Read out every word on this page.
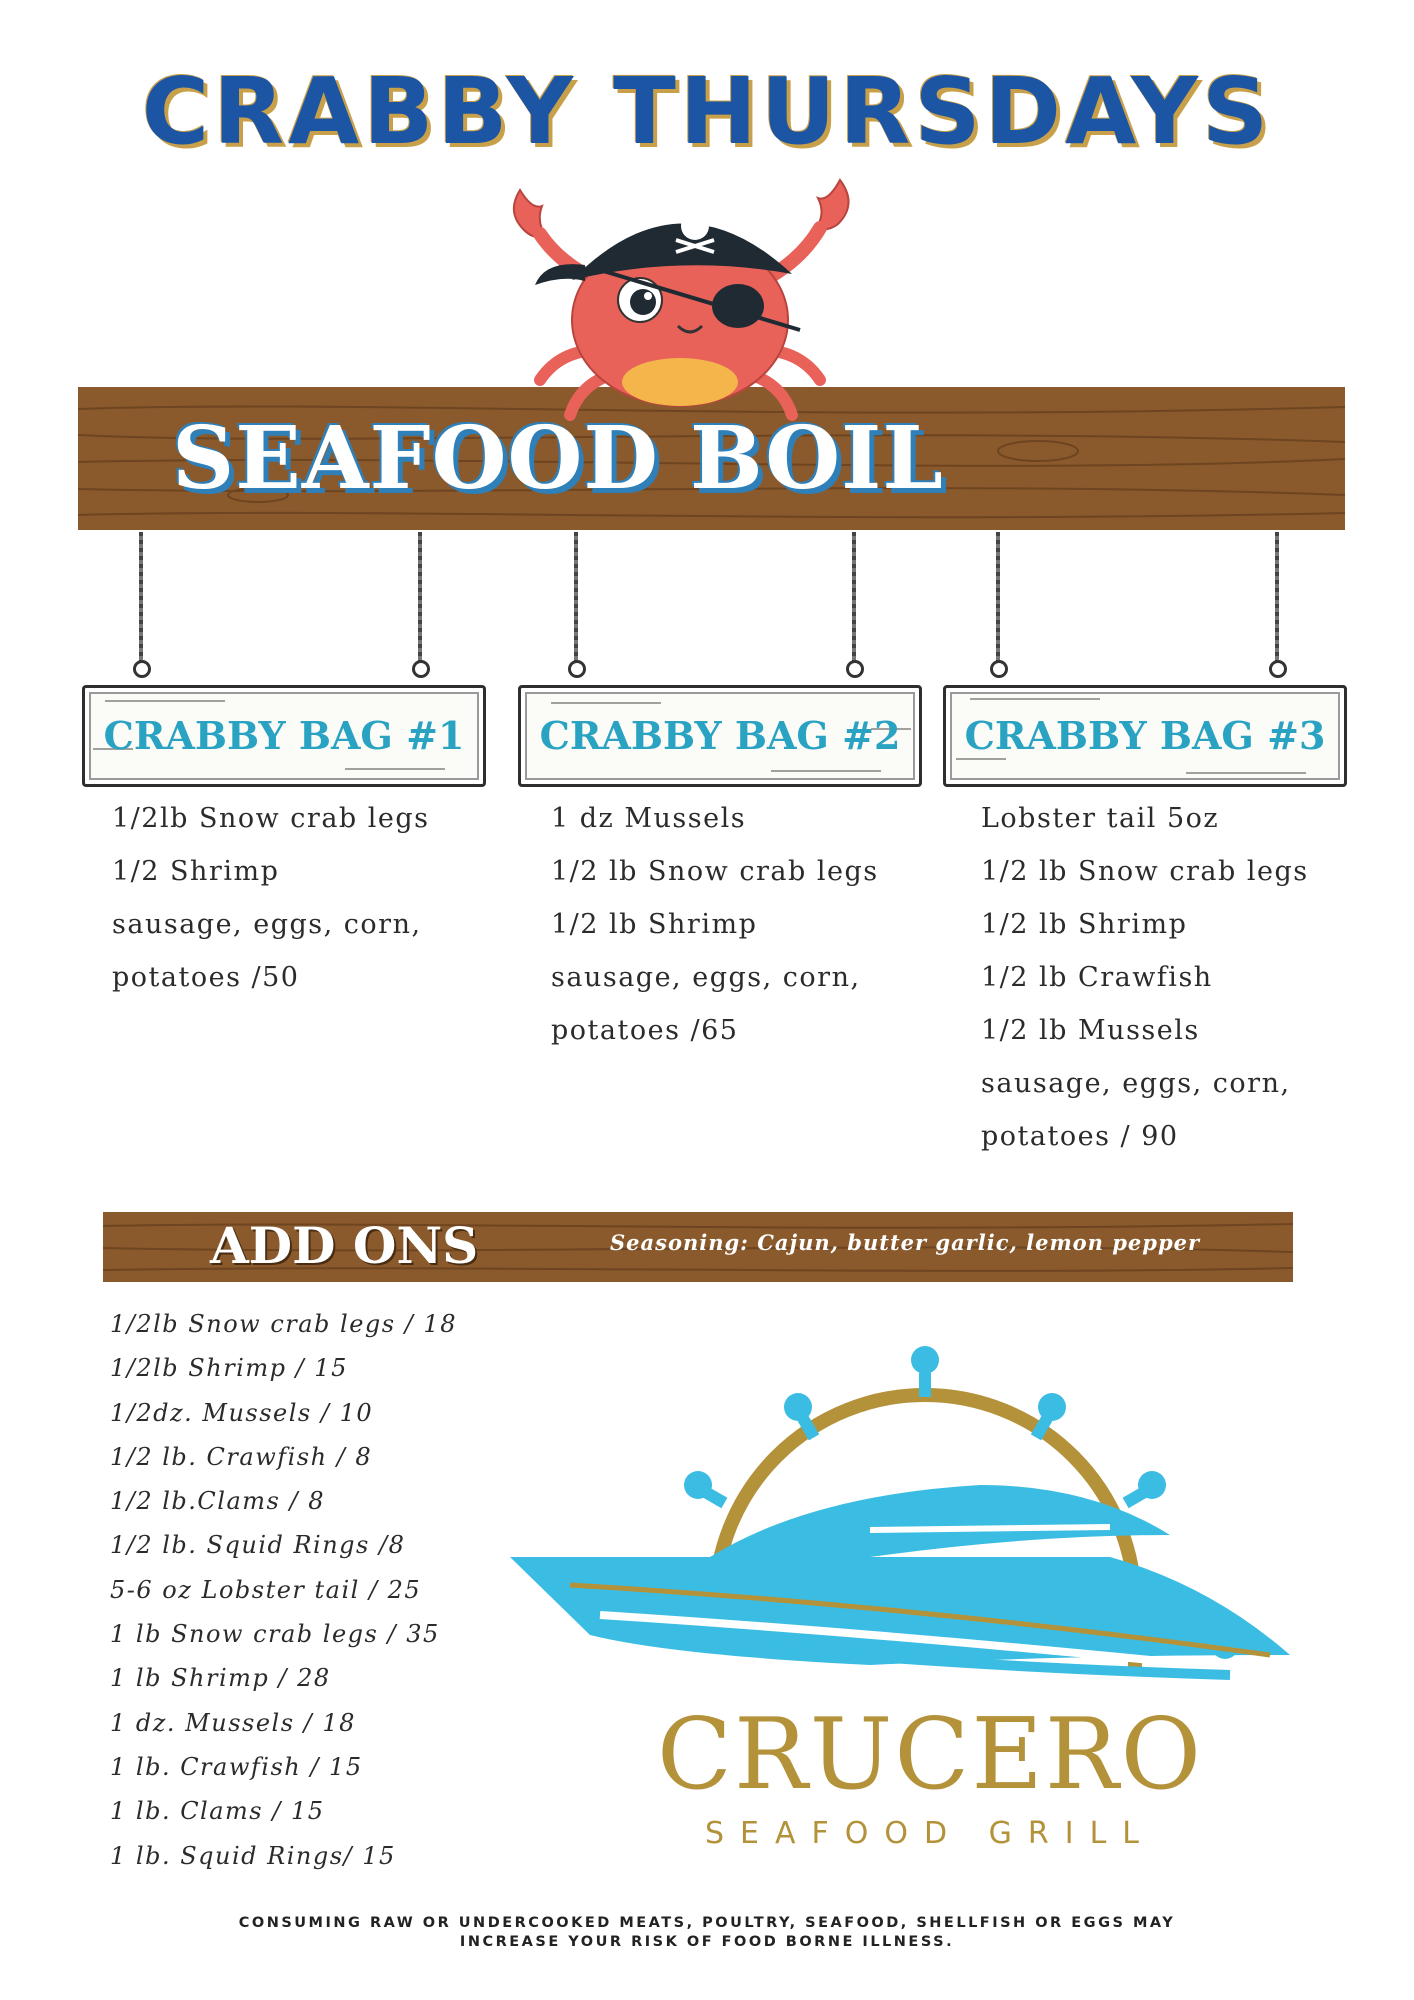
CRABBY THURSDAYS
SEAFOOD BOIL
CRABBY BAG #1	CRABBY BAG #2	CRABBY BAG #3
1/2lb Snow crab legs
1/2 Shrimp
sausage, eggs, corn,
potatoes /50
1 dz Mussels
1/2 lb Snow crab legs
1/2 lb Shrimp
sausage, eggs, corn,
potatoes /65
Lobster tail 5oz
1/2 lb Snow crab legs
1/2 lb Shrimp
1/2 lb Crawfish
1/2 lb Mussels
sausage, eggs, corn,
potatoes / 90
ADD ONS	Seasoning: Cajun, butter garlic, lemon pepper
1/2lb Snow crab legs / 18
1/2lb Shrimp / 15
1/2dz. Mussels / 10
1/2 lb. Crawfish / 8
1/2 lb.Clams / 8
1/2 lb. Squid Rings /8
5-6 oz Lobster tail / 25
1 lb Snow crab legs / 35
1 lb Shrimp / 28
1 dz. Mussels / 18
1 lb. Crawfish / 15
1 lb. Clams / 15
1 lb. Squid Rings/ 15
CRUCERO
SEAFOOD GRILL
CONSUMING RAW OR UNDERCOOKED MEATS, POULTRY, SEAFOOD, SHELLFISH OR EGGS MAY
INCREASE YOUR RISK OF FOOD BORNE ILLNESS.
